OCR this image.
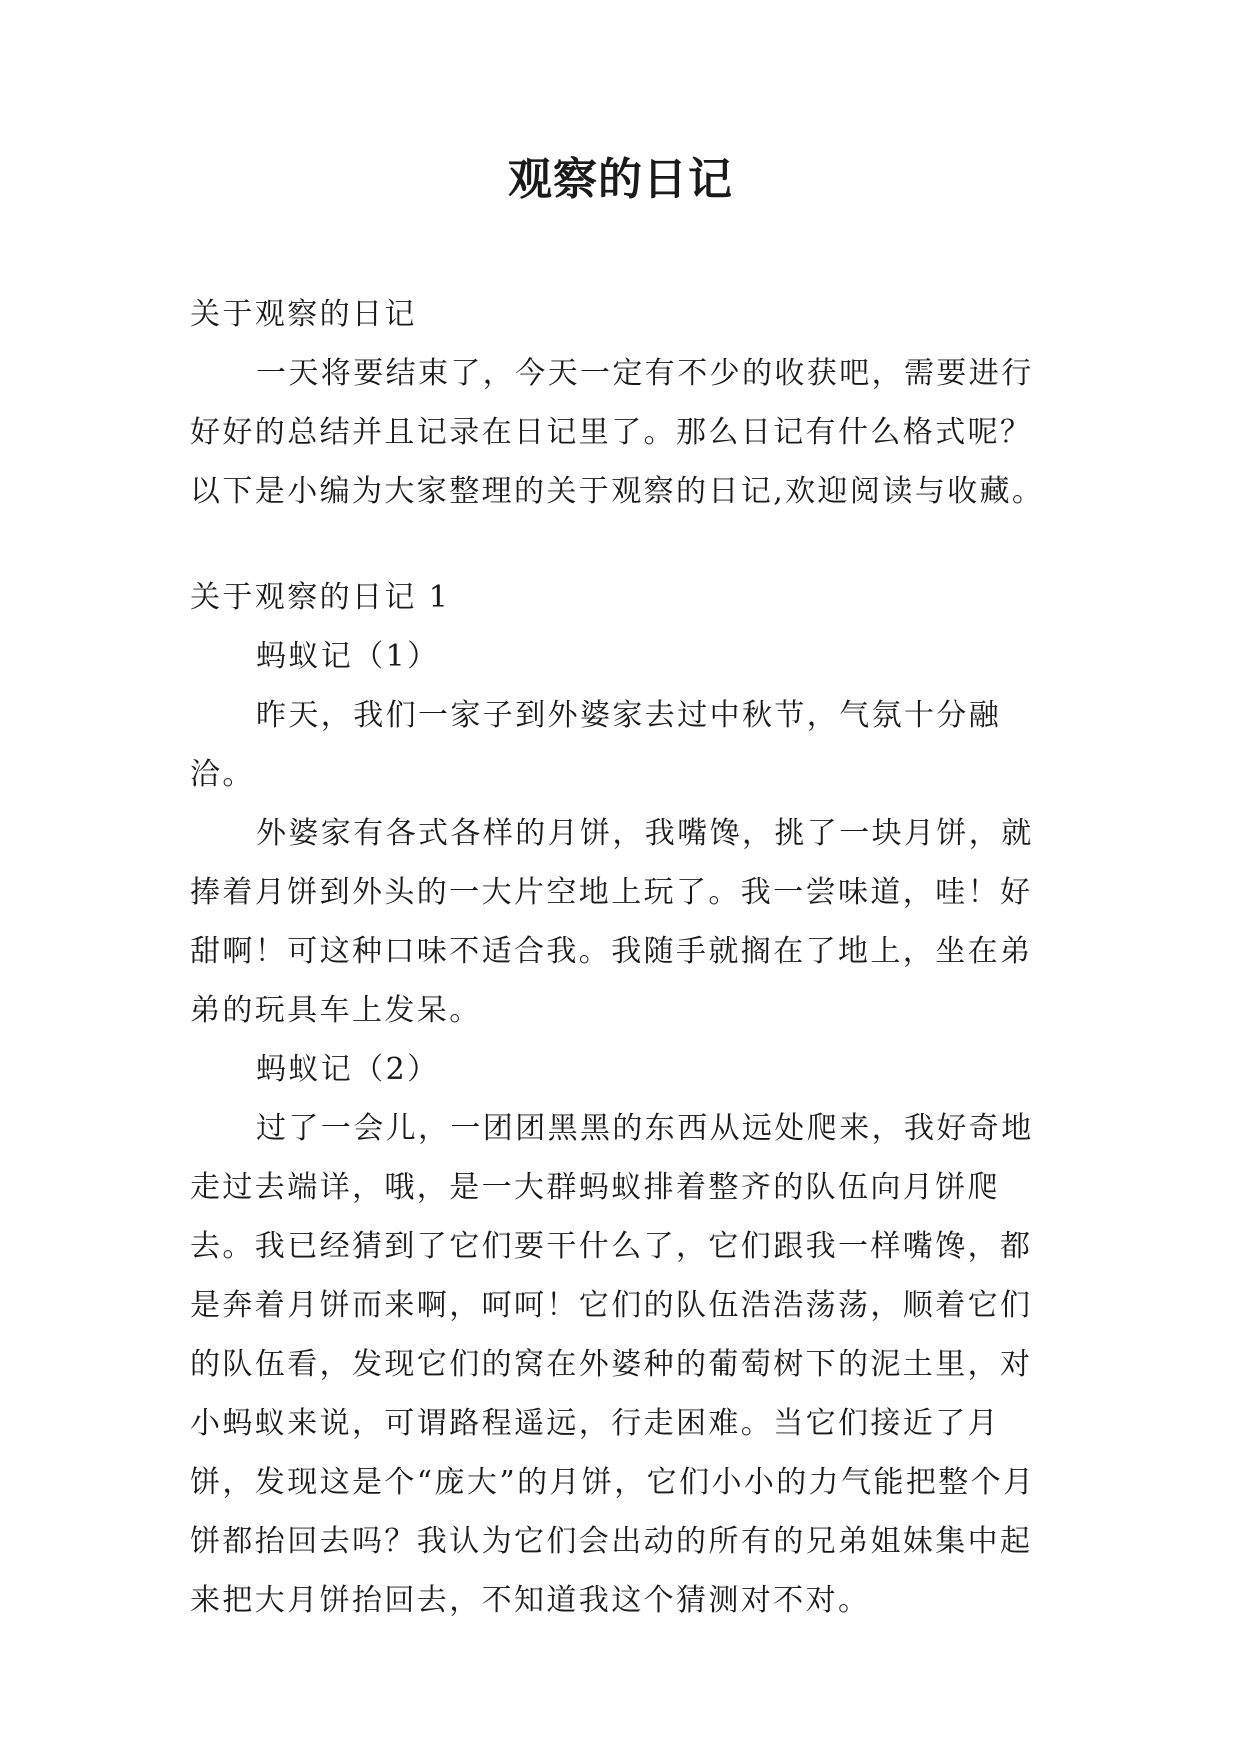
观察的日记

关于观察的日记

一天将要结束了，今天一定有不少的收获吧，需要进行好好的总结并且记录在日记里了。那么日记有什么格式呢？以下是小编为大家整理的关于观察的日记,欢迎阅读与收藏。

关于观察的日记 1

蚂蚁记（1）

昨天，我们一家子到外婆家去过中秋节，气氛十分融洽。

外婆家有各式各样的月饼，我嘴馋，挑了一块月饼，就捧着月饼到外头的一大片空地上玩了。我一尝味道，哇！好甜啊！可这种口味不适合我。我随手就搁在了地上，坐在弟弟的玩具车上发呆。

蚂蚁记（2）

过了一会儿，一团团黑黑的东西从远处爬来，我好奇地走过去端详，哦，是一大群蚂蚁排着整齐的队伍向月饼爬去。我已经猜到了它们要干什么了，它们跟我一样嘴馋，都是奔着月饼而来啊，呵呵！它们的队伍浩浩荡荡，顺着它们的队伍看，发现它们的窝在外婆种的葡萄树下的泥土里，对小蚂蚁来说，可谓路程遥远，行走困难。当它们接近了月饼，发现这是个“庞大”的月饼，它们小小的力气能把整个月饼都抬回去吗？我认为它们会出动的所有的兄弟姐妹集中起来把大月饼抬回去，不知道我这个猜测对不对。
